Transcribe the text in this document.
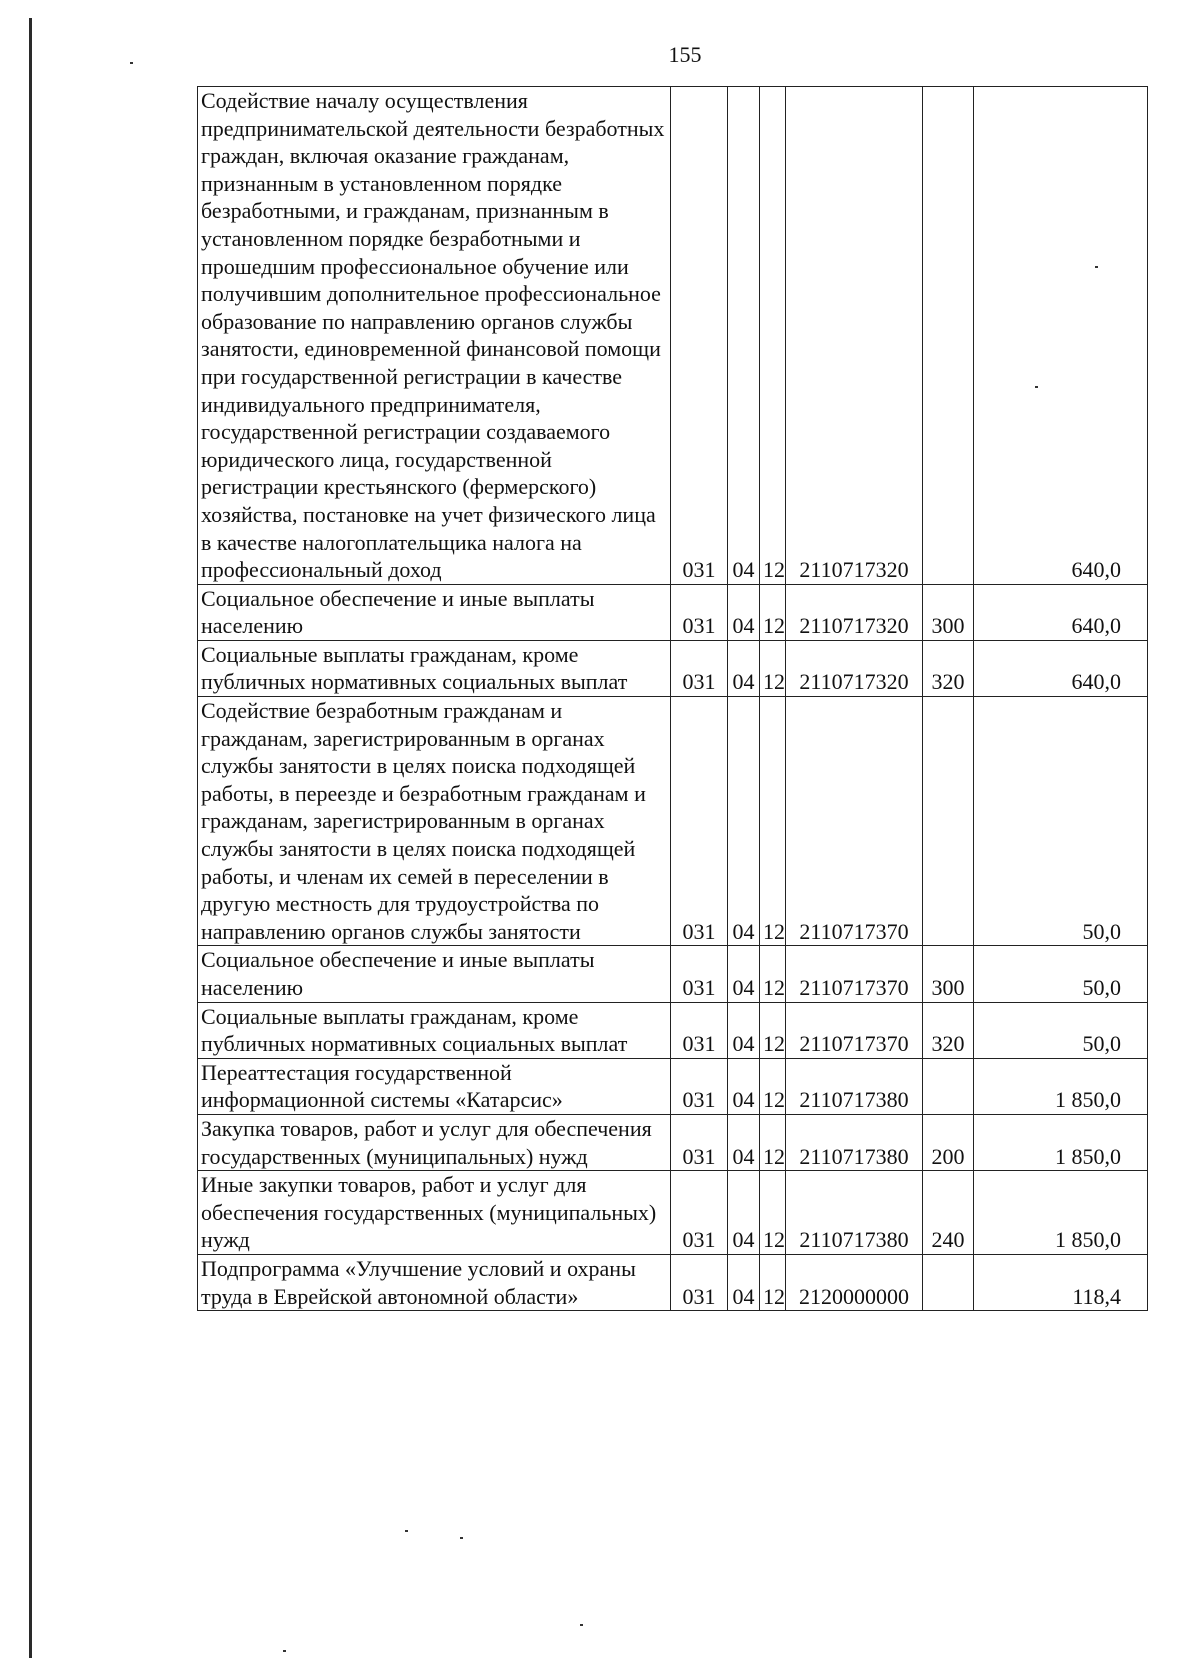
155
Содействие началу осуществления предпринимательской деятельности безработных граждан, включая оказание гражданам, признанным в установленном порядке безработными, и гражданам, признанным в установленном порядке безработными и прошедшим профессиональное обучение или получившим дополнительное профессиональное образование по направлению органов службы занятости, единовременной финансовой помощи при государственной регистрации в качестве индивидуального предпринимателя, государственной регистрации создаваемого юридического лица, государственной регистрации крестьянского (фермерского) хозяйства, постановке на учет физического лица в качестве налогоплательщика налога на профессиональный доход	031	04	12	2110717320		640,0
Социальное обеспечение и иные выплаты населению	031	04	12	2110717320	300	640,0
Социальные выплаты гражданам, кроме публичных нормативных социальных выплат	031	04	12	2110717320	320	640,0
Содействие безработным гражданам и гражданам, зарегистрированным в органах службы занятости в целях поиска подходящей работы, в переезде и безработным гражданам и гражданам, зарегистрированным в органах службы занятости в целях поиска подходящей работы, и членам их семей в переселении в другую местность для трудоустройства по направлению органов службы занятости	031	04	12	2110717370		50,0
Социальное обеспечение и иные выплаты населению	031	04	12	2110717370	300	50,0
Социальные выплаты гражданам, кроме публичных нормативных социальных выплат	031	04	12	2110717370	320	50,0
Переаттестация государственной информационной системы «Катарсис»	031	04	12	2110717380		1 850,0
Закупка товаров, работ и услуг для обеспечения государственных (муниципальных) нужд	031	04	12	2110717380	200	1 850,0
Иные закупки товаров, работ и услуг для обеспечения государственных (муниципальных) нужд	031	04	12	2110717380	240	1 850,0
Подпрограмма «Улучшение условий и охраны труда в Еврейской автономной области»	031	04	12	2120000000		118,4
